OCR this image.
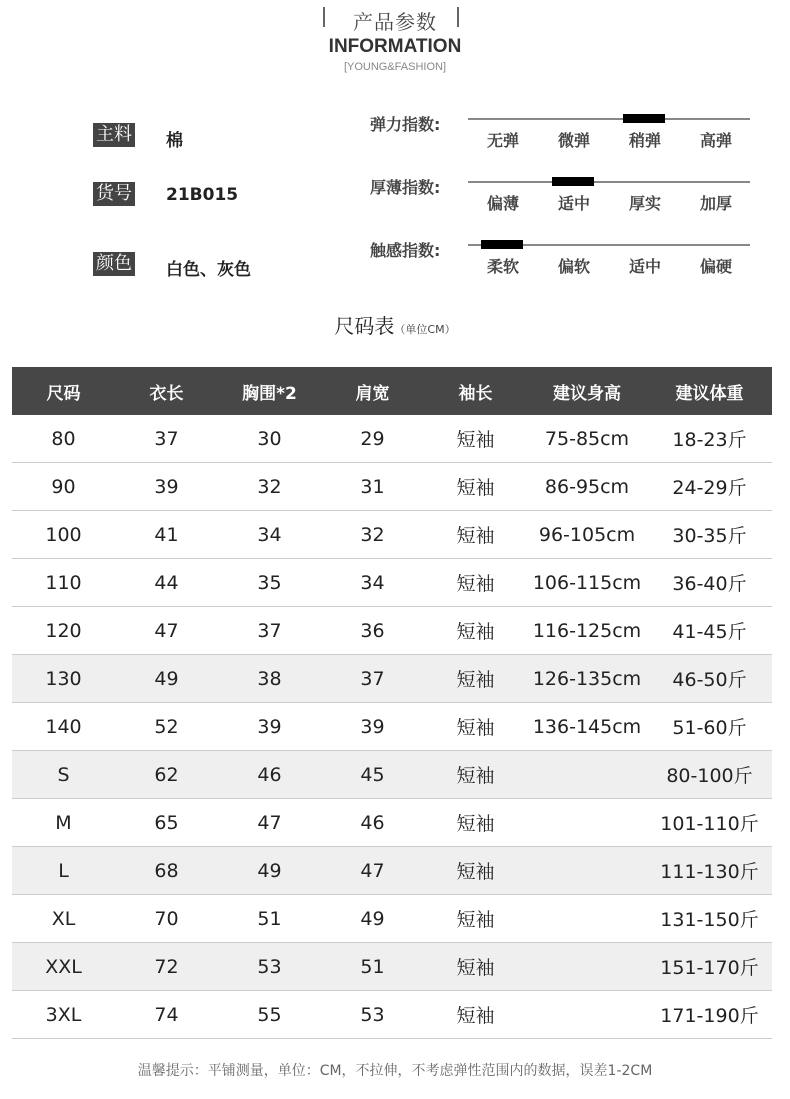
产品参数
INFORMATION
[YOUNG&FASHION]
主料 棉
货号 21B015
颜色 白色、灰色
弹力指数:
无弹	微弹	稍弹	高弹
厚薄指数:
偏薄	适中	厚实	加厚
触感指数:
柔软	偏软	适中	偏硬
尺码表（单位CM）
尺码	衣长	胸围*2	肩宽	袖长	建议身高	建议体重
80	37	30	29	短袖	75-85cm	18-23斤
90	39	32	31	短袖	86-95cm	24-29斤
100	41	34	32	短袖	96-105cm	30-35斤
110	44	35	34	短袖	106-115cm	36-40斤
120	47	37	36	短袖	116-125cm	41-45斤
130	49	38	37	短袖	126-135cm	46-50斤
140	52	39	39	短袖	136-145cm	51-60斤
S	62	46	45	短袖		80-100斤
M	65	47	46	短袖		101-110斤
L	68	49	47	短袖		111-130斤
XL	70	51	49	短袖		131-150斤
XXL	72	53	51	短袖		151-170斤
3XL	74	55	53	短袖		171-190斤
温馨提示：平铺测量，单位：CM，不拉伸，不考虑弹性范围内的数据，误差1-2CM
